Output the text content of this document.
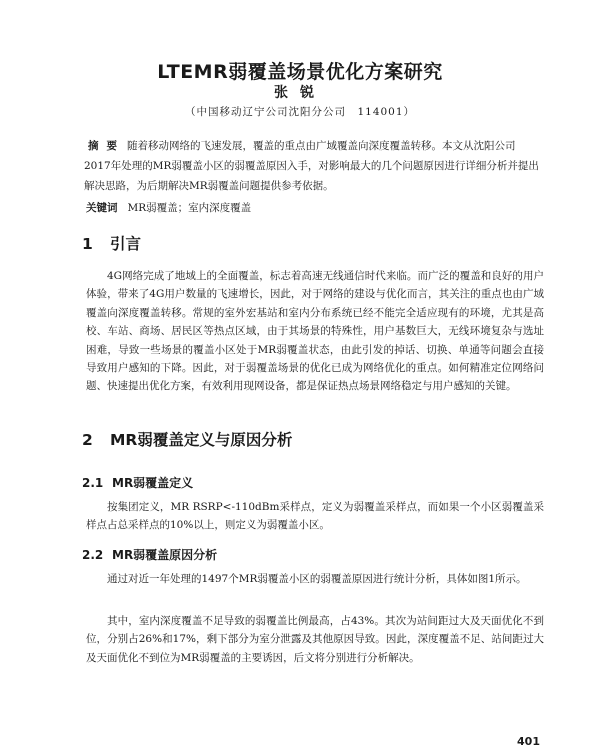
LTEMR弱覆盖场景优化方案研究
张锐
（中国移动辽宁公司沈阳分公司　114001）

摘要 随着移动网络的飞速发展，覆盖的重点由广域覆盖向深度覆盖转移。本文从沈阳公司2017年处理的MR弱覆盖小区的弱覆盖原因入手，对影响最大的几个问题原因进行详细分析并提出解决思路，为后期解决MR弱覆盖问题提供参考依据。

关键词 MR弱覆盖；室内深度覆盖

1 引言

4G网络完成了地域上的全面覆盖，标志着高速无线通信时代来临。而广泛的覆盖和良好的用户体验，带来了4G用户数量的飞速增长，因此，对于网络的建设与优化而言，其关注的重点也由广域覆盖向深度覆盖转移。常规的室外宏基站和室内分布系统已经不能完全适应现有的环境，尤其是高校、车站、商场、居民区等热点区域，由于其场景的特殊性，用户基数巨大，无线环境复杂与选址困难，导致一些场景的覆盖小区处于MR弱覆盖状态，由此引发的掉话、切换、单通等问题会直接导致用户感知的下降。因此，对于弱覆盖场景的优化已成为网络优化的重点。如何精准定位网络问题、快速提出优化方案，有效利用现网设备，都是保证热点场景网络稳定与用户感知的关键。

2 MR弱覆盖定义与原因分析
2.1 MR弱覆盖定义

按集团定义，MR RSRP<-110dBm采样点，定义为弱覆盖采样点，而如果一个小区弱覆盖采样点占总采样点的10%以上，则定义为弱覆盖小区。

2.2 MR弱覆盖原因分析

通过对近一年处理的1497个MR弱覆盖小区的弱覆盖原因进行统计分析，具体如图1所示。

其中，室内深度覆盖不足导致的弱覆盖比例最高，占43%。其次为站间距过大及天面优化不到位，分别占26%和17%，剩下部分为室分泄露及其他原因导致。因此，深度覆盖不足、站间距过大及天面优化不到位为MR弱覆盖的主要诱因，后文将分别进行分析解决。

401
